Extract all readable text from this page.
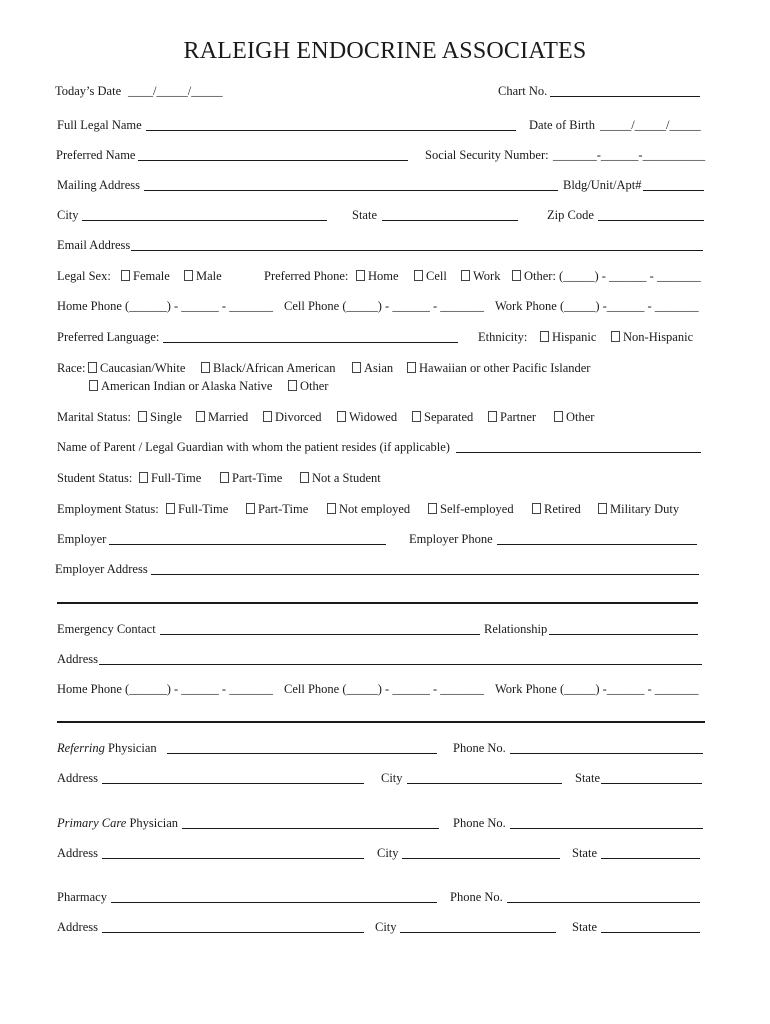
RALEIGH ENDOCRINE ASSOCIATES
Today’s Date ____/_____/_____	Chart No.
Full Legal Name	Date of Birth _____/_____/_____
Preferred Name	Social Security Number: _______-______-__________
Mailing Address	Bldg/Unit/Apt#
City	State	Zip Code
Email Address
Legal Sex:	Female	Male	Preferred Phone:	Home	Cell	Work	Other: (_____) - ______ - _______
Home Phone (______) - ______ - _______ Cell Phone (_____) - ______ - _______ Work Phone (_____) -______ - _______
Preferred Language:	Ethnicity:	Hispanic	Non-Hispanic
Race:	Caucasian/White	Black/African American	Asian	Hawaiian or other Pacific Islander
American Indian or Alaska Native	Other
Marital Status:	Single	Married	Divorced	Widowed	Separated	Partner	Other
Name of Parent / Legal Guardian with whom the patient resides (if applicable)
Student Status:	Full-Time	Part-Time	Not a Student
Employment Status:	Full-Time	Part-Time	Not employed	Self-employed	Retired	Military Duty
Employer	Employer Phone
Employer Address
Emergency Contact	Relationship
Address
Home Phone (______) - ______ - _______ Cell Phone (_____) - ______ - _______ Work Phone (_____) -______ - _______
Referring Physician	Phone No.
Address	City	State
Primary Care Physician	Phone No.
Address	City	State
Pharmacy	Phone No.
Address	City	State
